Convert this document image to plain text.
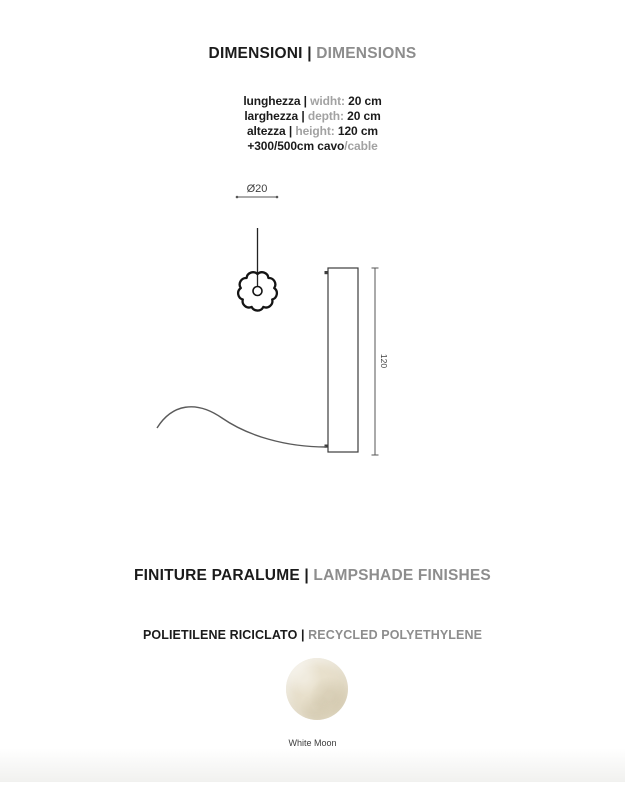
DIMENSIONI | DIMENSIONS
lunghezza | widht: 20 cm
larghezza | depth: 20 cm
altezza | height: 120 cm
+300/500cm cavo/cable
Ø20
120
FINITURE PARALUME | LAMPSHADE FINISHES
POLIETILENE RICICLATO | RECYCLED POLYETHYLENE
White Moon
